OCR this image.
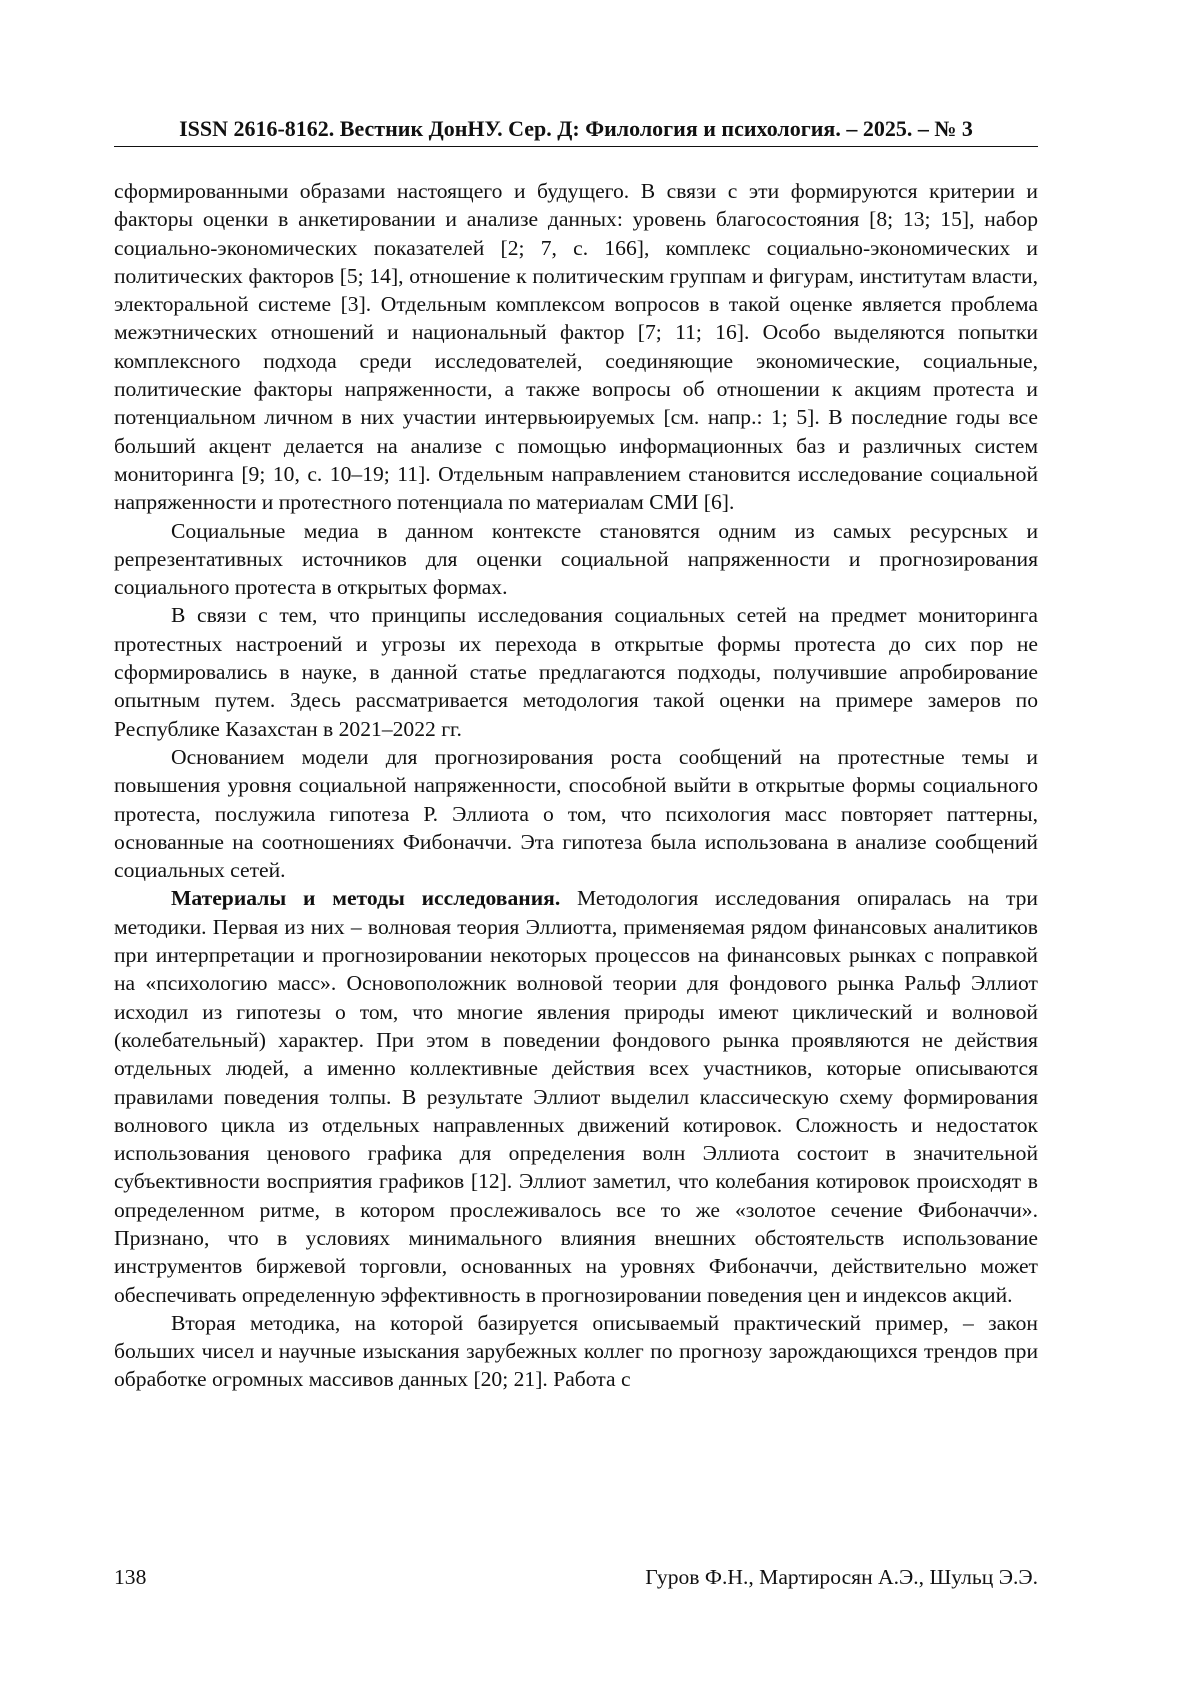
ISSN 2616-8162. Вестник ДонНУ. Сер. Д: Филология и психология. – 2025. – № 3

сформированными образами настоящего и будущего. В связи с эти формируются критерии и факторы оценки в анкетировании и анализе данных: уровень благосостояния [8; 13; 15], набор социально-экономических показателей [2; 7, с. 166], комплекс социально-экономических и политических факторов [5; 14], отношение к политическим группам и фигурам, институтам власти, электоральной системе [3]. Отдельным комплексом вопросов в такой оценке является проблема межэтнических отношений и национальный фактор [7; 11; 16]. Особо выделяются попытки комплексного подхода среди исследователей, соединяющие экономические, социальные, политические факторы напряженности, а также вопросы об отношении к акциям протеста и потенциальном личном в них участии интервьюируемых [см. напр.: 1; 5]. В последние годы все больший акцент делается на анализе с помощью информационных баз и различных систем мониторинга [9; 10, с. 10–19; 11]. Отдельным направлением становится исследование социальной напряженности и протестного потенциала по материалам СМИ [6].

Социальные медиа в данном контексте становятся одним из самых ресурсных и репрезентативных источников для оценки социальной напряженности и прогнозирования социального протеста в открытых формах.

В связи с тем, что принципы исследования социальных сетей на предмет мониторинга протестных настроений и угрозы их перехода в открытые формы протеста до сих пор не сформировались в науке, в данной статье предлагаются подходы, получившие апробирование опытным путем. Здесь рассматривается методология такой оценки на примере замеров по Республике Казахстан в 2021–2022 гг.

Основанием модели для прогнозирования роста сообщений на протестные темы и повышения уровня социальной напряженности, способной выйти в открытые формы социального протеста, послужила гипотеза Р. Эллиота о том, что психология масс повторяет паттерны, основанные на соотношениях Фибоначчи. Эта гипотеза была использована в анализе сообщений социальных сетей.

Материалы и методы исследования. Методология исследования опиралась на три методики. Первая из них – волновая теория Эллиотта, применяемая рядом финансовых аналитиков при интерпретации и прогнозировании некоторых процессов на финансовых рынках с поправкой на «психологию масс». Основоположник волновой теории для фондового рынка Ральф Эллиот исходил из гипотезы о том, что многие явления природы имеют циклический и волновой (колебательный) характер. При этом в поведении фондового рынка проявляются не действия отдельных людей, а именно коллективные действия всех участников, которые описываются правилами поведения толпы. В результате Эллиот выделил классическую схему формирования волнового цикла из отдельных направленных движений котировок. Сложность и недостаток использования ценового графика для определения волн Эллиота состоит в значительной субъективности восприятия графиков [12]. Эллиот заметил, что колебания котировок происходят в определенном ритме, в котором прослеживалось все то же «золотое сечение Фибоначчи». Признано, что в условиях минимального влияния внешних обстоятельств использование инструментов биржевой торговли, основанных на уровнях Фибоначчи, действительно может обеспечивать определенную эффективность в прогнозировании поведения цен и индексов акций.

Вторая методика, на которой базируется описываемый практический пример, – закон больших чисел и научные изыскания зарубежных коллег по прогнозу зарождающихся трендов при обработке огромных массивов данных [20; 21]. Работа с

138	Гуров Ф.Н., Мартиросян А.Э., Шульц Э.Э.
